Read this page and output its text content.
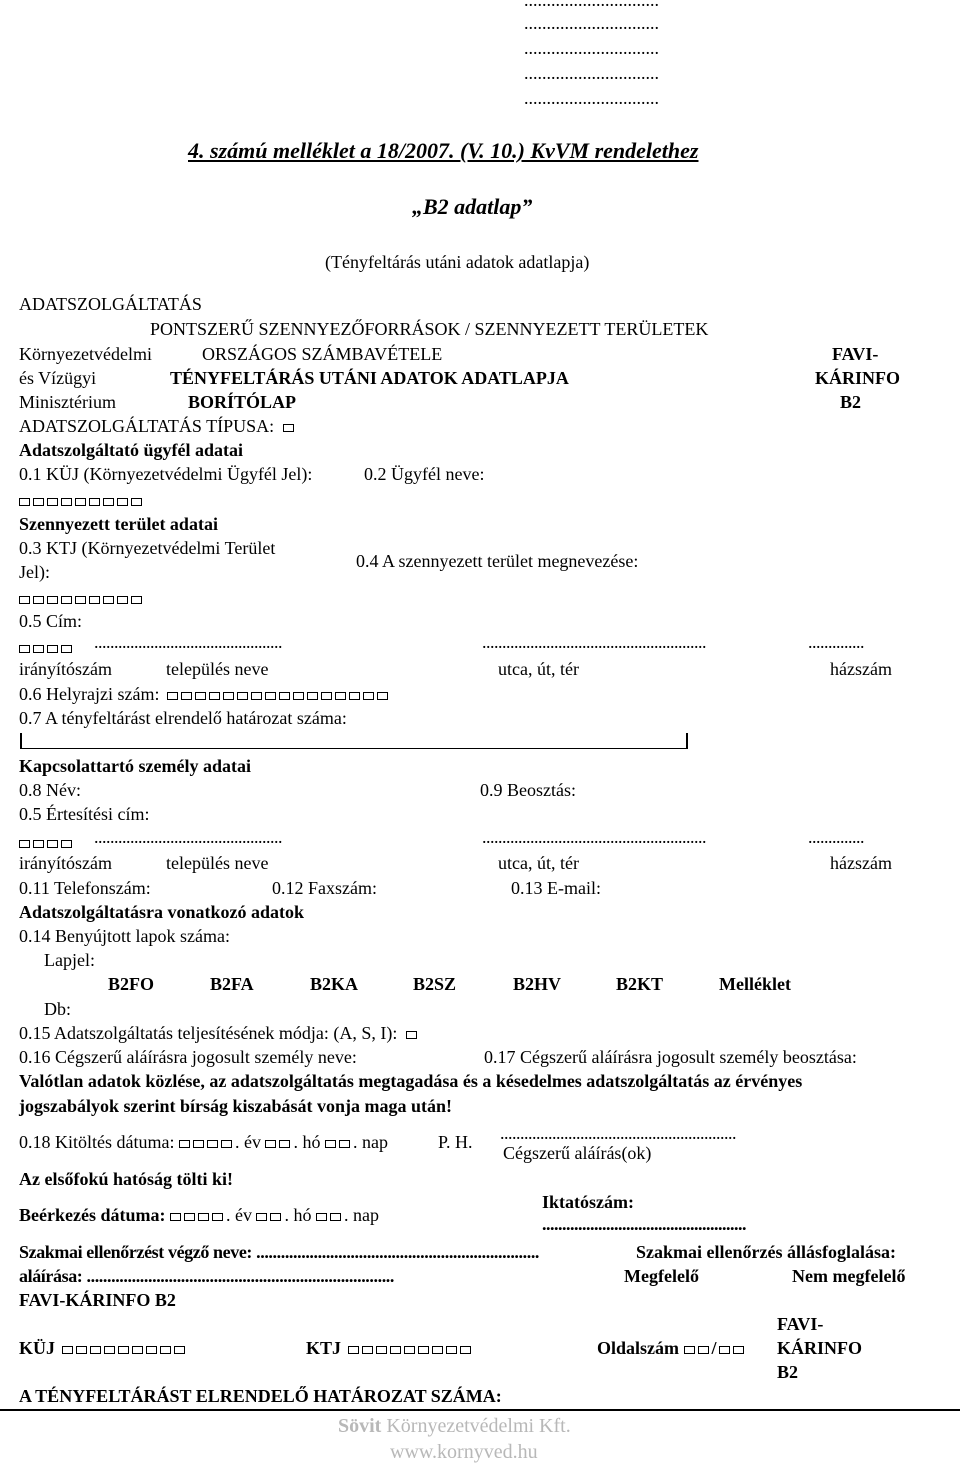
..............................
..............................
..............................
..............................
..............................
4. számú melléklet a 18/2007. (V. 10.) KvVM rendelethez
„B2 adatlap”
(Tényfeltárás utáni adatok adatlapja)
ADATSZOLGÁLTATÁS
PONTSZERŰ SZENNYEZŐFORRÁSOK / SZENNYEZETT TERÜLETEK
Környezetvédelmi	ORSZÁGOS SZÁMBAVÉTELE	FAVI-
és Vízügyi	TÉNYFELTÁRÁS UTÁNI ADATOK ADATLAPJA	KÁRINFO
Minisztérium	BORÍTÓLAP	B2
ADATSZOLGÁLTATÁS TÍPUSA:
Adatszolgáltató ügyfél adatai
0.1 KÜJ (Környezetvédelmi Ügyfél Jel):	0.2 Ügyfél neve:
Szennyezett terület adatai
0.3 KTJ (Környezetvédelmi Terület
Jel):
0.4 A szennyezett terület megnevezése:
0.5 Cím:
...............................................	........................................................	..............
irányítószám	település neve	utca, út, tér	házszám
0.6 Helyrajzi szám:
0.7 A tényfeltárást elrendelő határozat száma:
Kapcsolattartó személy adatai
0.8 Név:	0.9 Beosztás:
0.5 Értesítési cím:
...............................................	........................................................	..............
irányítószám	település neve	utca, út, tér	házszám
0.11 Telefonszám:	0.12 Faxszám:	0.13 E-mail:
Adatszolgáltatásra vonatkozó adatok
0.14 Benyújtott lapok száma:
Lapjel:
B2FO	B2FA	B2KA	B2SZ	B2HV	B2KT	Melléklet
Db:
0.15 Adatszolgáltatás teljesítésének módja: (A, S, I):
0.16 Cégszerű aláírásra jogosult személy neve:	0.17 Cégszerű aláírásra jogosult személy beosztása:
Valótlan adatok közlése, az adatszolgáltatás megtagadása és a késedelmes adatszolgáltatás az érvényes
jogszabályok szerint bírság kiszabását vonja maga után!
0.18 Kitöltés dátuma:	. év . hó . nap	P. H. ...........................................................
Cégszerű aláírás(ok)
Az elsőfokú hatóság tölti ki!
Beérkezés dátuma:	. év . hó . nap
Iktatószám:
...................................................
Szakmai ellenőrzést végző neve: .....................................................................	Szakmai ellenőrzés állásfoglalása:
aláírása: ...........................................................................	Megfelelő	Nem megfelelő
FAVI-KÁRINFO B2
KÜJ	KTJ	Oldalszám /
FAVI-
KÁRINFO
B2
A TÉNYFELTÁRÁST ELRENDELŐ HATÁROZAT SZÁMA:
Sövit Környezetvédelmi Kft.
www.kornyved.hu
